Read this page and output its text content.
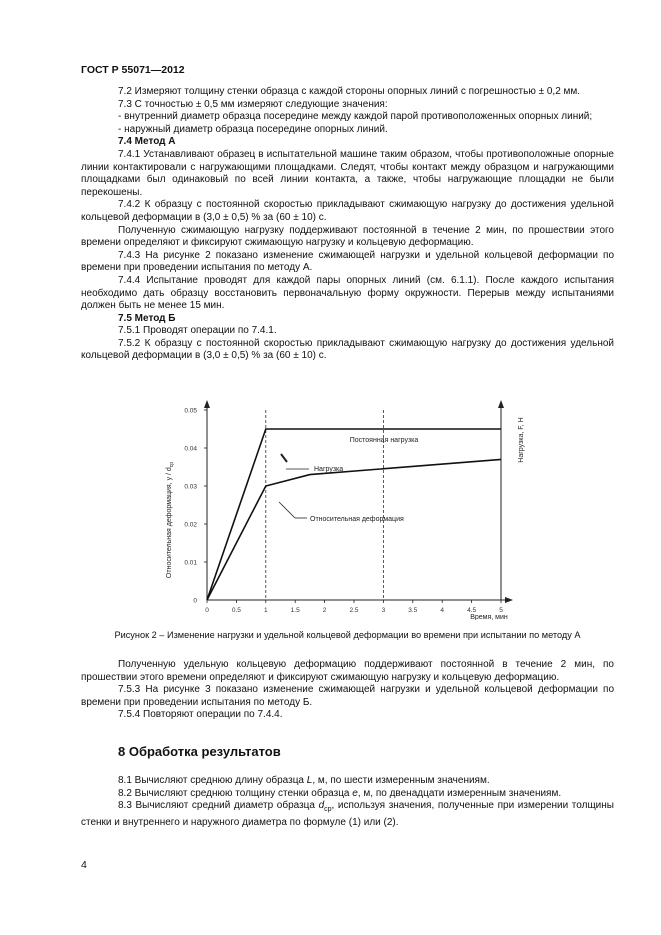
ГОСТ Р 55071—2012

7.2 Измеряют толщину стенки образца с каждой стороны опорных линий с погрешностью ± 0,2 мм.

7.3 С точностью ± 0,5 мм измеряют следующие значения:

- внутренний диаметр образца посередине между каждой парой противоположенных опорных линий;

- наружный диаметр образца посередине опорных линий.

7.4 Метод А

7.4.1 Устанавливают образец в испытательной машине таким образом, чтобы противоположные опорные линии контактировали с нагружающими площадками. Следят, чтобы контакт между образцом и нагружающими площадками был одинаковый по всей линии контакта, а также, чтобы нагружающие площадки не были перекошены.

7.4.2 К образцу с постоянной скоростью прикладывают сжимающую нагрузку до достижения удельной кольцевой деформации в (3,0 ± 0,5) % за (60 ± 10) с.

Полученную сжимающую нагрузку поддерживают постоянной в течение 2 мин, по прошествии этого времени определяют и фиксируют сжимающую нагрузку и кольцевую деформацию.

7.4.3 На рисунке 2 показано изменение сжимающей нагрузки и удельной кольцевой деформации по времени при проведении испытания по методу А.

7.4.4 Испытание проводят для каждой пары опорных линий (см. 6.1.1). После каждого испытания необходимо дать образцу восстановить первоначальную форму окружности. Перерыв между испытаниями должен быть не менее 15 мин.

7.5 Метод Б

7.5.1 Проводят операции по 7.4.1.

7.5.2 К образцу с постоянной скоростью прикладывают сжимающую нагрузку до достижения удельной кольцевой деформации в (3,0 ± 0,5) % за (60 ± 10) с.

Относительная деформация, y / $d_{ср}$
Нагрузка, F, Н
Время, мин
Постоянная нагрузка
Нагрузка
Относительная деформация
0.05
0.04
0.03
0.02
0.01
0
0	0.5	1	1.5	2	2.5	3	3.5	4	4.5	5
Рисунок 2 – Изменение нагрузки и удельной кольцевой деформации во времени при испытании по методу А

Полученную удельную кольцевую деформацию поддерживают постоянной в течение 2 мин, по прошествии этого времени определяют и фиксируют сжимающую нагрузку и кольцевую деформацию.

7.5.3 На рисунке 3 показано изменение сжимающей нагрузки и удельной кольцевой деформации по времени при проведении испытания по методу Б.

7.5.4 Повторяют операции по 7.4.4.

8 Обработка результатов

8.1 Вычисляют среднюю длину образца L, м, по шести измеренным значениям.

8.2 Вычисляют среднюю толщину стенки образца e, м, по двенадцати измеренным значениям.

8.3 Вычисляют средний диаметр образца $d_{ср}$, используя значения, полученные при измерении толщины стенки и внутреннего и наружного диаметра по формуле (1) или (2).

4
